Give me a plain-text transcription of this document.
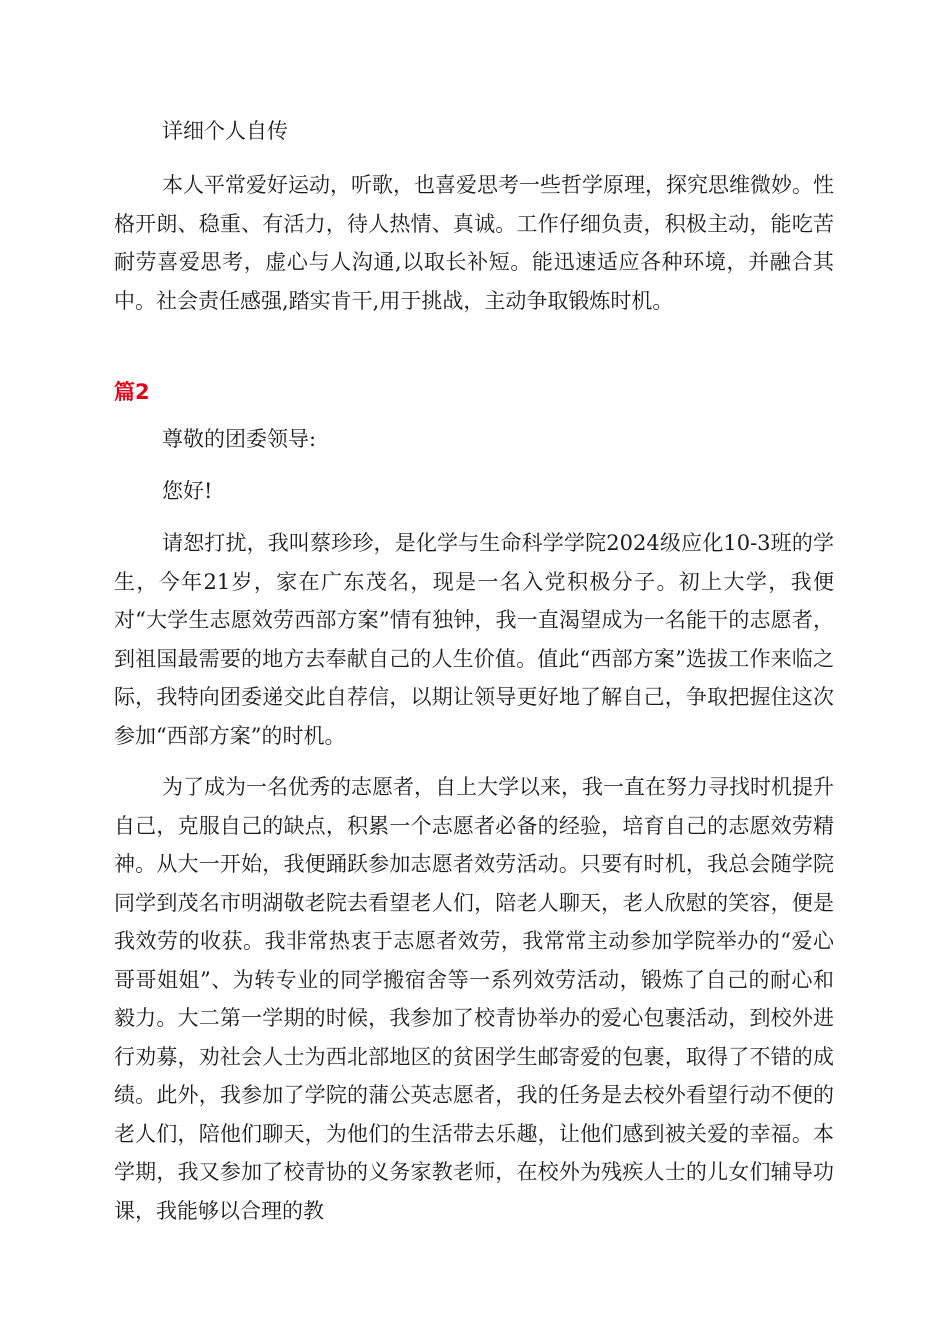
详细个人自传

本人平常爱好运动，听歌，也喜爱思考一些哲学原理，探究思维微妙。性格开朗、稳重、有活力，待人热情、真诚。工作仔细负责，积极主动，能吃苦耐劳喜爱思考，虚心与人沟通,以取长补短。能迅速适应各种环境，并融合其中。社会责任感强,踏实肯干,用于挑战，主动争取锻炼时机。

篇2

尊敬的团委领导:

您好!

请恕打扰，我叫蔡珍珍，是化学与生命科学学院2024级应化10-3班的学生，今年21岁，家在广东茂名，现是一名入党积极分子。初上大学，我便对“大学生志愿效劳西部方案”情有独钟，我一直渴望成为一名能干的志愿者，到祖国最需要的地方去奉献自己的人生价值。值此“西部方案”选拔工作来临之际，我特向团委递交此自荐信，以期让领导更好地了解自己，争取把握住这次参加“西部方案”的时机。

为了成为一名优秀的志愿者，自上大学以来，我一直在努力寻找时机提升自己，克服自己的缺点，积累一个志愿者必备的经验，培育自己的志愿效劳精神。从大一开始，我便踊跃参加志愿者效劳活动。只要有时机，我总会随学院同学到茂名市明湖敬老院去看望老人们，陪老人聊天，老人欣慰的笑容，便是我效劳的收获。我非常热衷于志愿者效劳，我常常主动参加学院举办的“爱心哥哥姐姐”、为转专业的同学搬宿舍等一系列效劳活动，锻炼了自己的耐心和毅力。大二第一学期的时候，我参加了校青协举办的爱心包裹活动，到校外进行劝募，劝社会人士为西北部地区的贫困学生邮寄爱的包裹，取得了不错的成绩。此外，我参加了学院的蒲公英志愿者，我的任务是去校外看望行动不便的老人们，陪他们聊天，为他们的生活带去乐趣，让他们感到被关爱的幸福。本学期，我又参加了校青协的义务家教老师，在校外为残疾人士的儿女们辅导功课，我能够以合理的教
